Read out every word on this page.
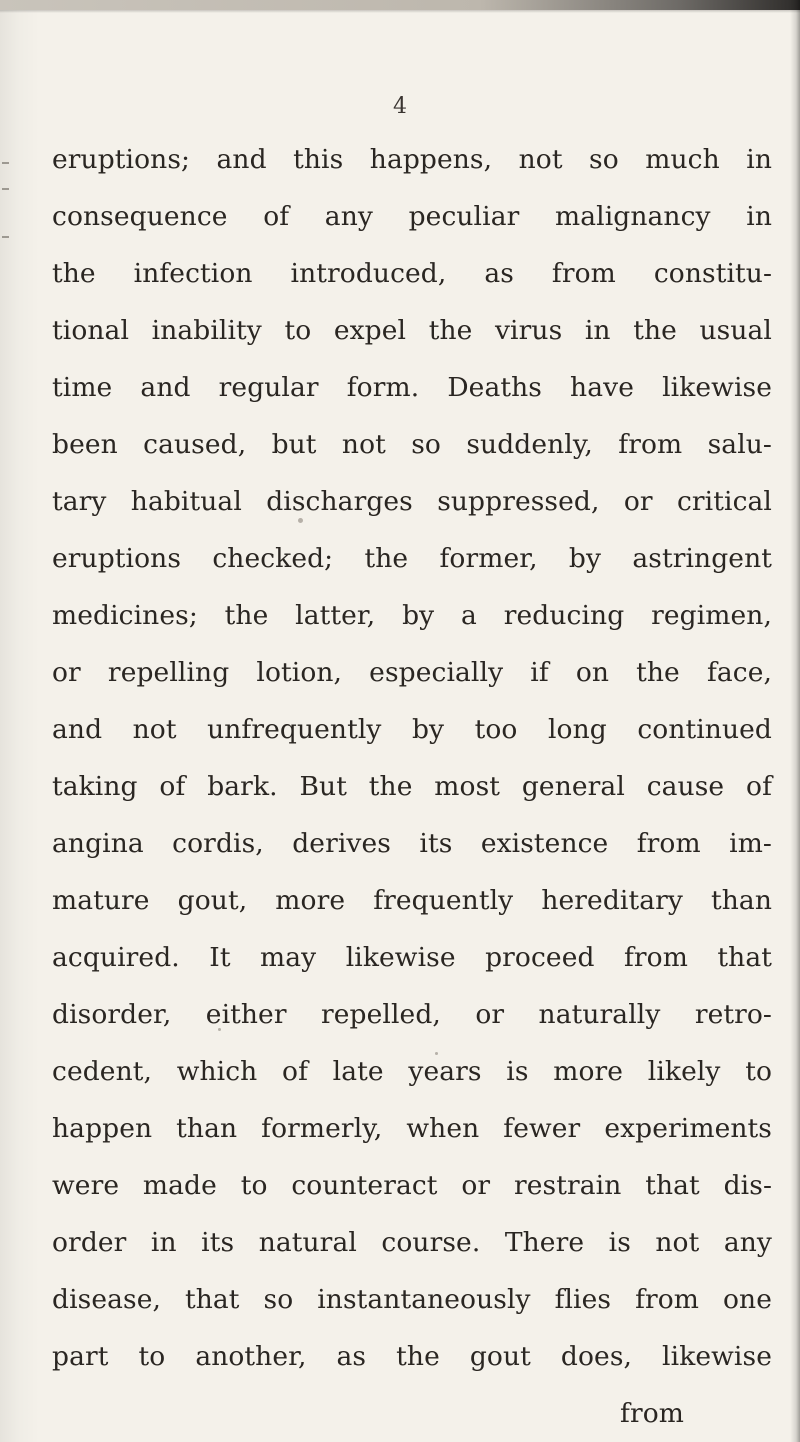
4
eruptions; and this happens, not so much in
consequence of any peculiar malignancy in
the infection introduced, as from constitu-
tional inability to expel the virus in the usual
time and regular form. Deaths have likewise
been caused, but not so suddenly, from salu-
tary habitual discharges suppressed, or critical
eruptions checked; the former, by astringent
medicines; the latter, by a reducing regimen,
or repelling lotion, especially if on the face,
and not unfrequently by too long continued
taking of bark. But the most general cause of
angina cordis, derives its existence from im-
mature gout, more frequently hereditary than
acquired. It may likewise proceed from that
disorder, either repelled, or naturally retro-
cedent, which of late years is more likely to
happen than formerly, when fewer experiments
were made to counteract or restrain that dis-
order in its natural course. There is not any
disease, that so instantaneously flies from one
part to another, as the gout does, likewise
from
